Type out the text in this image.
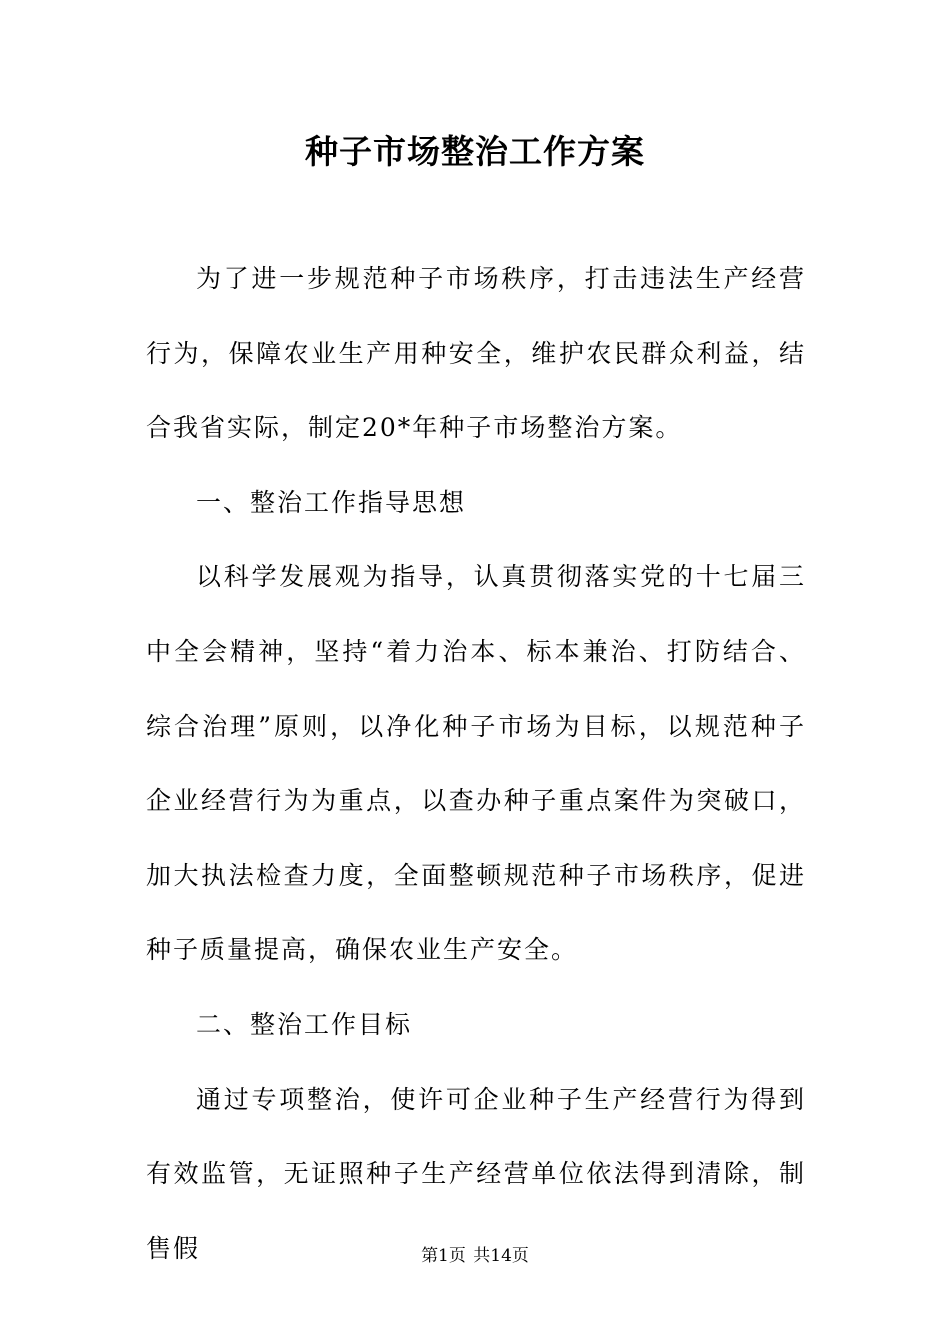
种子市场整治工作方案

为了进一步规范种子市场秩序，打击违法生产经营行为，保障农业生产用种安全，维护农民群众利益，结合我省实际，制定20*年种子市场整治方案。

一、整治工作指导思想

以科学发展观为指导，认真贯彻落实党的十七届三中全会精神，坚持“着力治本、标本兼治、打防结合、综合治理”原则，以净化种子市场为目标，以规范种子企业经营行为为重点，以查办种子重点案件为突破口，加大执法检查力度，全面整顿规范种子市场秩序，促进种子质量提高，确保农业生产安全。

二、整治工作目标

通过专项整治，使许可企业种子生产经营行为得到有效监管，无证照种子生产经营单位依法得到清除，制售假	第1页 共14页
